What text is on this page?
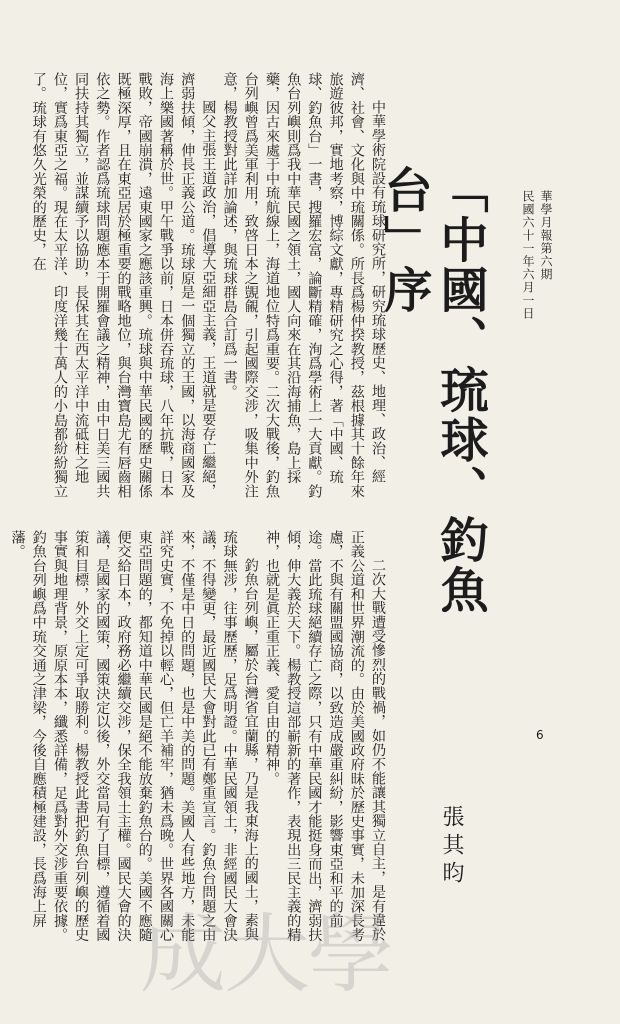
華學月報第六期
民國六十一年六月一日
「中國、琉球、釣魚台」序
張其昀
6

中華學術院設有琉球研究所，研究琉球歷史、地理、政治、經濟、社會、文化與中琉關係。所長爲楊仲揆教授，茲根據其十餘年來旅遊彼邦，實地考察，博綜文獻，專精研究之心得，著「中國、琉球、釣魚台」一書，搜羅宏富，論斷精確，洵爲學術上一大貢獻。釣魚台列嶼則爲我中華民國之領土，國人向來在其沿海捕魚，島上採藥，因古來處于中琉航線上，海道地位特爲重要。二次大戰後，釣魚台列嶼曾爲美軍利用，致啓日本之覬覦，引起國際交涉，吸集中外注意，楊教授對此詳加論述，與琉球群島合訂爲一書。

國父主張王道政治，倡導大亞細亞主義，王道就是要存亡繼絕，濟弱扶傾，伸長正義公道。琉球原是一個獨立的王國，以海商國家及海上樂國著稱於世。甲午戰爭以前，日本併吞琉球，八年抗戰，日本戰敗，帝國崩潰，遠東國家之應該重興。琉球與中華民國的歷史關係既極深厚，且在東亞居於極重要的戰略地位，與台灣寶島尤有唇齒相依之勢。作者認爲琉球問題應本于開羅會議之精神，由中日美三國共同扶持其獨立，並謀續予以協助，長保其在西太平洋中流砥柱之地位，實爲東亞之福。現在太平洋、印度洋幾十萬人的小島都紛紛獨立了。琉球有悠久光榮的歷史，在

二次大戰遭受慘烈的戰禍，如仍不能讓其獨立自主，是有違於正義公道和世界潮流的。由於美國政府昧於歷史事實，未加深長考慮，不與有關盟國協商，以致造成嚴重糾紛，影響東亞和平的前途。當此琉球絕續存亡之際，只有中華民國才能挺身而出，濟弱扶傾，伸大義於天下。楊教授這部嶄新的著作，表現出三民主義的精神，也就是眞正重正義、愛自由的精神。

釣魚台列嶼，屬於台灣省宜蘭縣，乃是我東海上的國土，素與琉球無涉，往事歷歷，足爲明證。中華民國領土，非經國民大會決議，不得變更，最近國民大會對此已有鄭重宣言。釣魚台問題之由來，不僅是中日的問題，也是中美的問題。美國人有些地方，未能詳究史實，不免掉以輕心，但亡羊補牢，猶未爲晚。世界各國關心東亞問題的，都知道中華民國是絕不能放棄釣魚台的。美國不應隨便交給日本，政府務必繼續交涉，保全我領土主權。國民大會的決議，是國家的國策，國策決定以後，外交當局有了目標，遵循着國策和目標，外交上定可爭取勝利。楊教授此書把釣魚台列嶼的歷史事實與地理背景，原原本本，纖悉詳備，足爲對外交涉重要依據。釣魚台列嶼爲中琉交通之津梁，今後自應積極建設，長爲海上屏藩。

成大學
